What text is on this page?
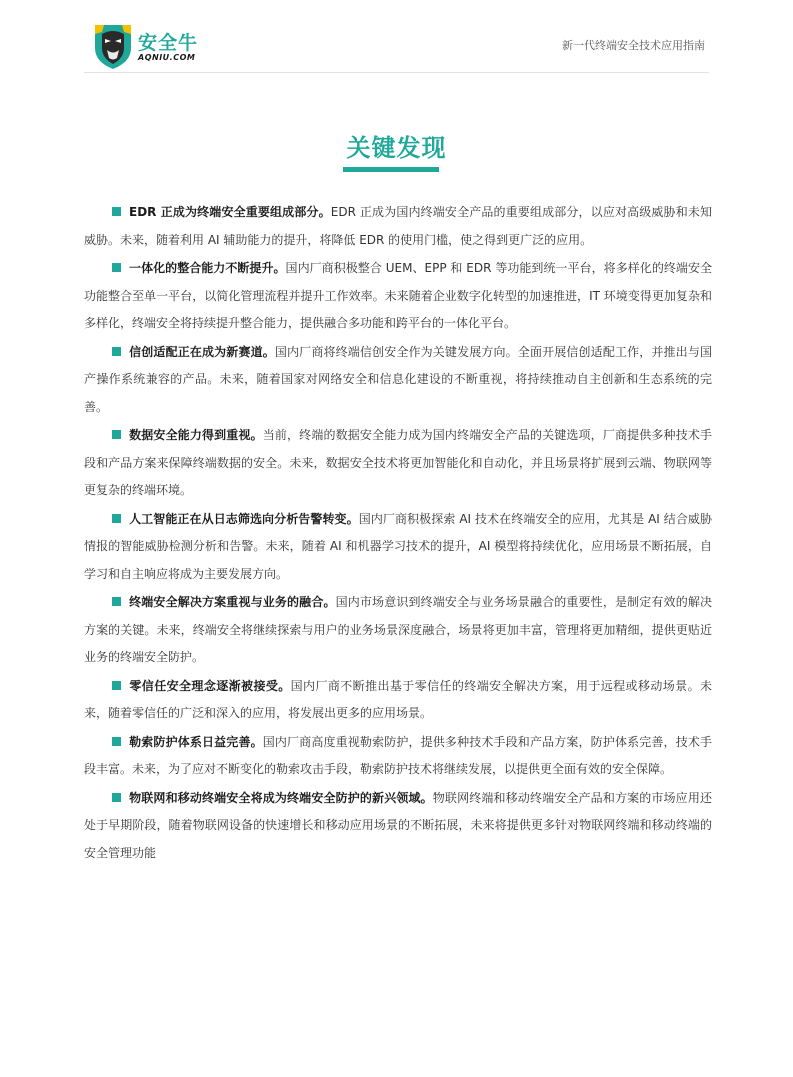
安全牛
AQNIU.COM
新一代终端安全技术应用指南
关键发现

EDR 正成为终端安全重要组成部分。EDR 正成为国内终端安全产品的重要组成部分，以应对高级威胁和未知威胁。未来，随着利用 AI 辅助能力的提升，将降低 EDR 的使用门槛，使之得到更广泛的应用。

一体化的整合能力不断提升。国内厂商积极整合 UEM、EPP 和 EDR 等功能到统一平台，将多样化的终端安全功能整合至单一平台，以简化管理流程并提升工作效率。未来随着企业数字化转型的加速推进，IT 环境变得更加复杂和多样化，终端安全将持续提升整合能力，提供融合多功能和跨平台的一体化平台。

信创适配正在成为新赛道。国内厂商将终端信创安全作为关键发展方向。全面开展信创适配工作，并推出与国产操作系统兼容的产品。未来，随着国家对网络安全和信息化建设的不断重视，将持续推动自主创新和生态系统的完善。

数据安全能力得到重视。当前，终端的数据安全能力成为国内终端安全产品的关键选项，厂商提供多种技术手段和产品方案来保障终端数据的安全。未来，数据安全技术将更加智能化和自动化，并且场景将扩展到云端、物联网等更复杂的终端环境。

人工智能正在从日志筛选向分析告警转变。国内厂商积极探索 AI 技术在终端安全的应用，尤其是 AI 结合威胁情报的智能威胁检测分析和告警。未来，随着 AI 和机器学习技术的提升，AI 模型将持续优化，应用场景不断拓展，自学习和自主响应将成为主要发展方向。

终端安全解决方案重视与业务的融合。国内市场意识到终端安全与业务场景融合的重要性，是制定有效的解决方案的关键。未来，终端安全将继续探索与用户的业务场景深度融合，场景将更加丰富，管理将更加精细，提供更贴近业务的终端安全防护。

零信任安全理念逐渐被接受。国内厂商不断推出基于零信任的终端安全解决方案，用于远程或移动场景。未来，随着零信任的广泛和深入的应用，将发展出更多的应用场景。

勒索防护体系日益完善。国内厂商高度重视勒索防护，提供多种技术手段和产品方案，防护体系完善，技术手段丰富。未来，为了应对不断变化的勒索攻击手段，勒索防护技术将继续发展，以提供更全面有效的安全保障。

物联网和移动终端安全将成为终端安全防护的新兴领域。物联网终端和移动终端安全产品和方案的市场应用还处于早期阶段，随着物联网设备的快速增长和移动应用场景的不断拓展，未来将提供更多针对物联网终端和移动终端的安全管理功能
